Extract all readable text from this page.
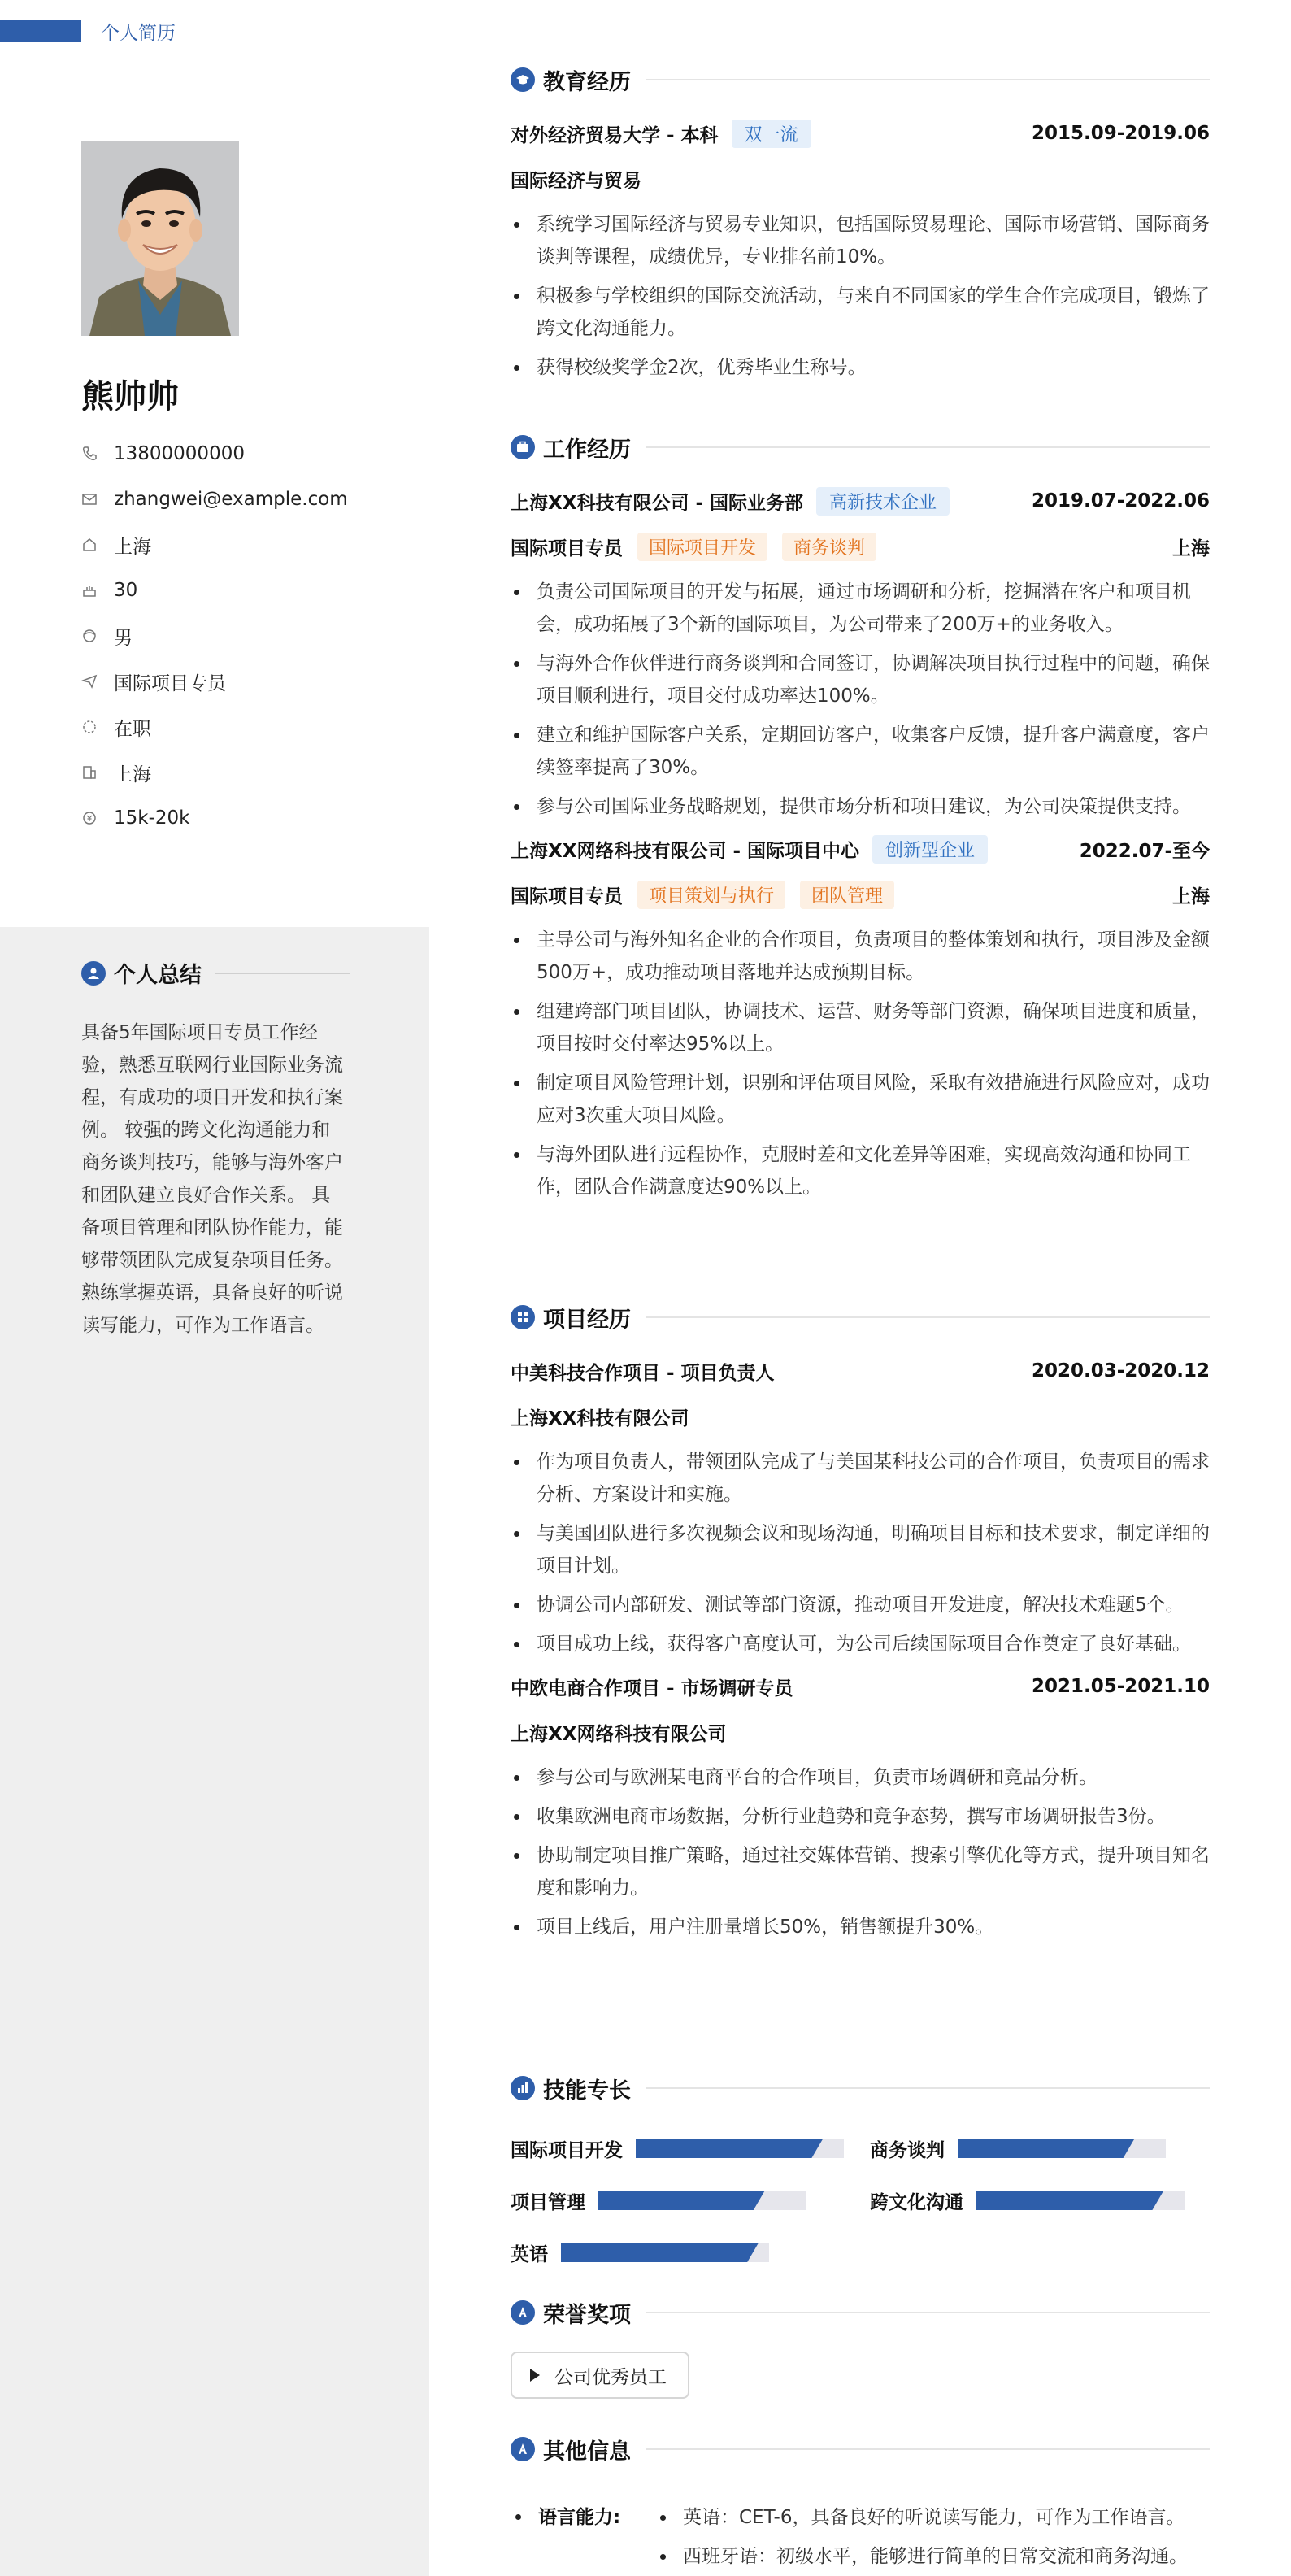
个人简历
熊帅帅
13800000000
zhangwei@example.com
上海
30
男
国际项目专员
在职
上海
15k-20k
个人总结
具备5年国际项目专员工作经验，熟悉互联网行业国际业务流程，有成功的项目开发和执行案例。 较强的跨文化沟通能力和商务谈判技巧，能够与海外客户和团队建立良好合作关系。 具备项目管理和团队协作能力，能够带领团队完成复杂项目任务。 熟练掌握英语，具备良好的听说读写能力，可作为工作语言。
教育经历
对外经济贸易大学 - 本科	双一流	2015.09-2019.06
国际经济与贸易
系统学习国际经济与贸易专业知识，包括国际贸易理论、国际市场营销、国际商务谈判等课程，成绩优异，专业排名前10%。
积极参与学校组织的国际交流活动，与来自不同国家的学生合作完成项目，锻炼了跨文化沟通能力。
获得校级奖学金2次，优秀毕业生称号。
工作经历
上海XX科技有限公司 - 国际业务部	高新技术企业	2019.07-2022.06
国际项目专员	国际项目开发	商务谈判	上海
负责公司国际项目的开发与拓展，通过市场调研和分析，挖掘潜在客户和项目机会，成功拓展了3个新的国际项目，为公司带来了200万+的业务收入。
与海外合作伙伴进行商务谈判和合同签订，协调解决项目执行过程中的问题，确保项目顺利进行，项目交付成功率达100%。
建立和维护国际客户关系，定期回访客户，收集客户反馈，提升客户满意度，客户续签率提高了30%。
参与公司国际业务战略规划，提供市场分析和项目建议，为公司决策提供支持。
上海XX网络科技有限公司 - 国际项目中心	创新型企业	2022.07-至今
国际项目专员	项目策划与执行	团队管理	上海
主导公司与海外知名企业的合作项目，负责项目的整体策划和执行，项目涉及金额500万+，成功推动项目落地并达成预期目标。
组建跨部门项目团队，协调技术、运营、财务等部门资源，确保项目进度和质量，项目按时交付率达95%以上。
制定项目风险管理计划，识别和评估项目风险，采取有效措施进行风险应对，成功应对3次重大项目风险。
与海外团队进行远程协作，克服时差和文化差异等困难，实现高效沟通和协同工作，团队合作满意度达90%以上。
项目经历
中美科技合作项目 - 项目负责人	2020.03-2020.12
上海XX科技有限公司
作为项目负责人，带领团队完成了与美国某科技公司的合作项目，负责项目的需求分析、方案设计和实施。
与美国团队进行多次视频会议和现场沟通，明确项目目标和技术要求，制定详细的项目计划。
协调公司内部研发、测试等部门资源，推动项目开发进度，解决技术难题5个。
项目成功上线，获得客户高度认可，为公司后续国际项目合作奠定了良好基础。
中欧电商合作项目 - 市场调研专员	2021.05-2021.10
上海XX网络科技有限公司
参与公司与欧洲某电商平台的合作项目，负责市场调研和竞品分析。
收集欧洲电商市场数据，分析行业趋势和竞争态势，撰写市场调研报告3份。
协助制定项目推广策略，通过社交媒体营销、搜索引擎优化等方式，提升项目知名度和影响力。
项目上线后，用户注册量增长50%，销售额提升30%。
技能专长
国际项目开发	商务谈判
项目管理	跨文化沟通
英语
荣誉奖项
公司优秀员工
其他信息
语言能力:	英语：CET-6，具备良好的听说读写能力，可作为工作语言。
西班牙语：初级水平，能够进行简单的日常交流和商务沟通。
